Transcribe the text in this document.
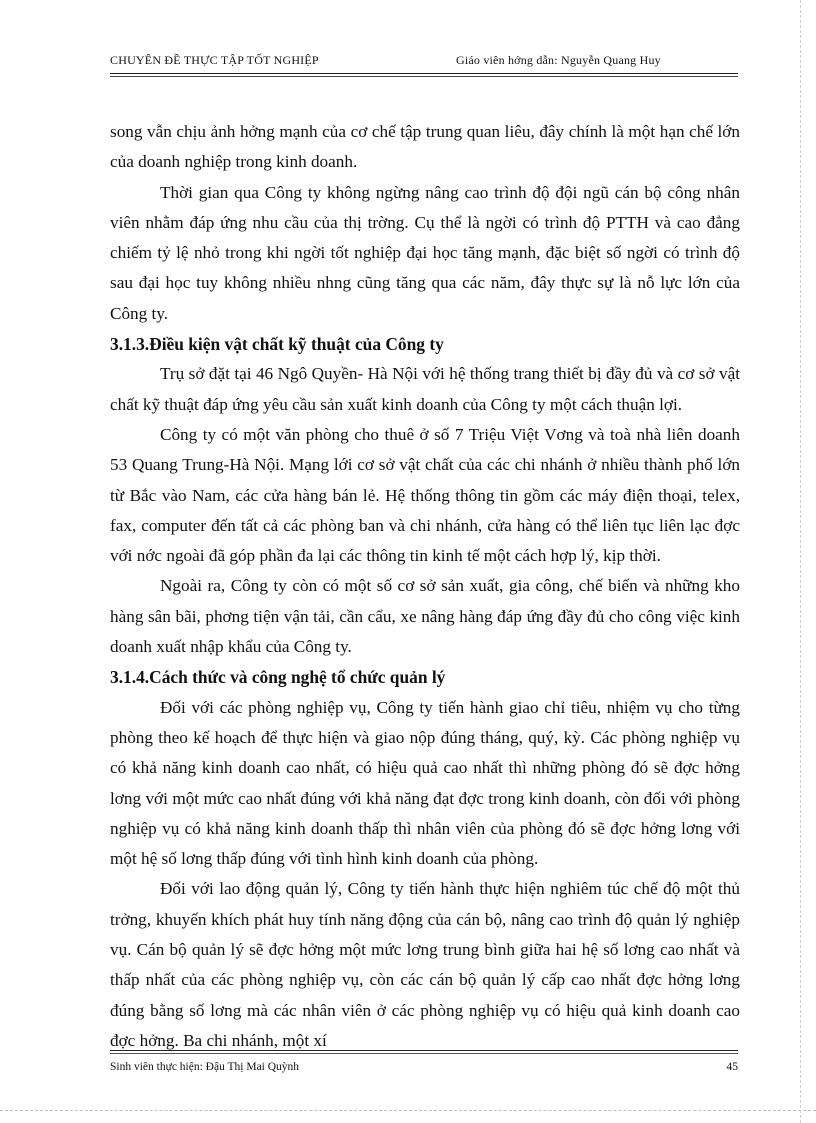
CHUYÊN ĐỀ THỰC TẬP TỐT NGHIỆP	Giáo viên hớng dẫn: Nguyễn Quang Huy

song vẫn chịu ảnh hởng mạnh của cơ chế tập trung quan liêu, đây chính là một hạn chế lớn của doanh nghiệp trong kinh doanh.

Thời gian qua Công ty không ngừng nâng cao trình độ đội ngũ cán bộ công nhân viên nhằm đáp ứng nhu cầu của thị trờng. Cụ thể là ngời có trình độ PTTH và cao đẳng chiếm tỷ lệ nhỏ trong khi ngời tốt nghiệp đại học tăng mạnh, đặc biệt số ngời có trình độ sau đại học tuy không nhiều nhng cũng tăng qua các năm, đây thực sự là nỗ lực lớn của Công ty.

3.1.3.Điều kiện vật chất kỹ thuật của Công ty

Trụ sở đặt tại 46 Ngô Quyền- Hà Nội với hệ thống trang thiết bị đầy đủ và cơ sở vật chất kỹ thuật đáp ứng yêu cầu sản xuất kinh doanh của Công ty một cách thuận lợi.

Công ty có một văn phòng cho thuê ở số 7 Triệu Việt Vơng và toà nhà liên doanh 53 Quang Trung-Hà Nội. Mạng lới cơ sở vật chất của các chi nhánh ở nhiều thành phố lớn từ Bắc vào Nam, các cửa hàng bán lẻ. Hệ thống thông tin gồm các máy điện thoại, telex, fax, computer đến tất cả các phòng ban và chi nhánh, cửa hàng có thể liên tục liên lạc đợc với nớc ngoài đã góp phần đa lại các thông tin kinh tế một cách hợp lý, kịp thời.

Ngoài ra, Công ty còn có một số cơ sở sản xuất, gia công, chế biến và những kho hàng sân bãi, phơng tiện vận tải, cần cẩu, xe nâng hàng đáp ứng đầy đủ cho công việc kinh doanh xuất nhập khẩu của Công ty.

3.1.4.Cách thức và công nghệ tổ chức quản lý

Đối với các phòng nghiệp vụ, Công ty tiến hành giao chỉ tiêu, nhiệm vụ cho từng phòng theo kế hoạch để thực hiện và giao nộp đúng tháng, quý, kỳ. Các phòng nghiệp vụ có khả năng kinh doanh cao nhất, có hiệu quả cao nhất thì những phòng đó sẽ đợc hởng lơng với một mức cao nhất đúng với khả năng đạt đợc trong kinh doanh, còn đối với phòng nghiệp vụ có khả năng kinh doanh thấp thì nhân viên của phòng đó sẽ đợc hởng lơng với một hệ số lơng thấp đúng với tình hình kinh doanh của phòng.

Đối với lao động quản lý, Công ty tiến hành thực hiện nghiêm túc chế độ một thủ trởng, khuyến khích phát huy tính năng động của cán bộ, nâng cao trình độ quản lý nghiệp vụ. Cán bộ quản lý sẽ đợc hởng một mức lơng trung bình giữa hai hệ số lơng cao nhất và thấp nhất của các phòng nghiệp vụ, còn các cán bộ quản lý cấp cao nhất đợc hởng lơng đúng bằng số lơng mà các nhân viên ở các phòng nghiệp vụ có hiệu quả kinh doanh cao đợc hởng. Ba chi nhánh, một xí

Sinh viên thực hiện: Đậu Thị Mai Quỳnh	45
